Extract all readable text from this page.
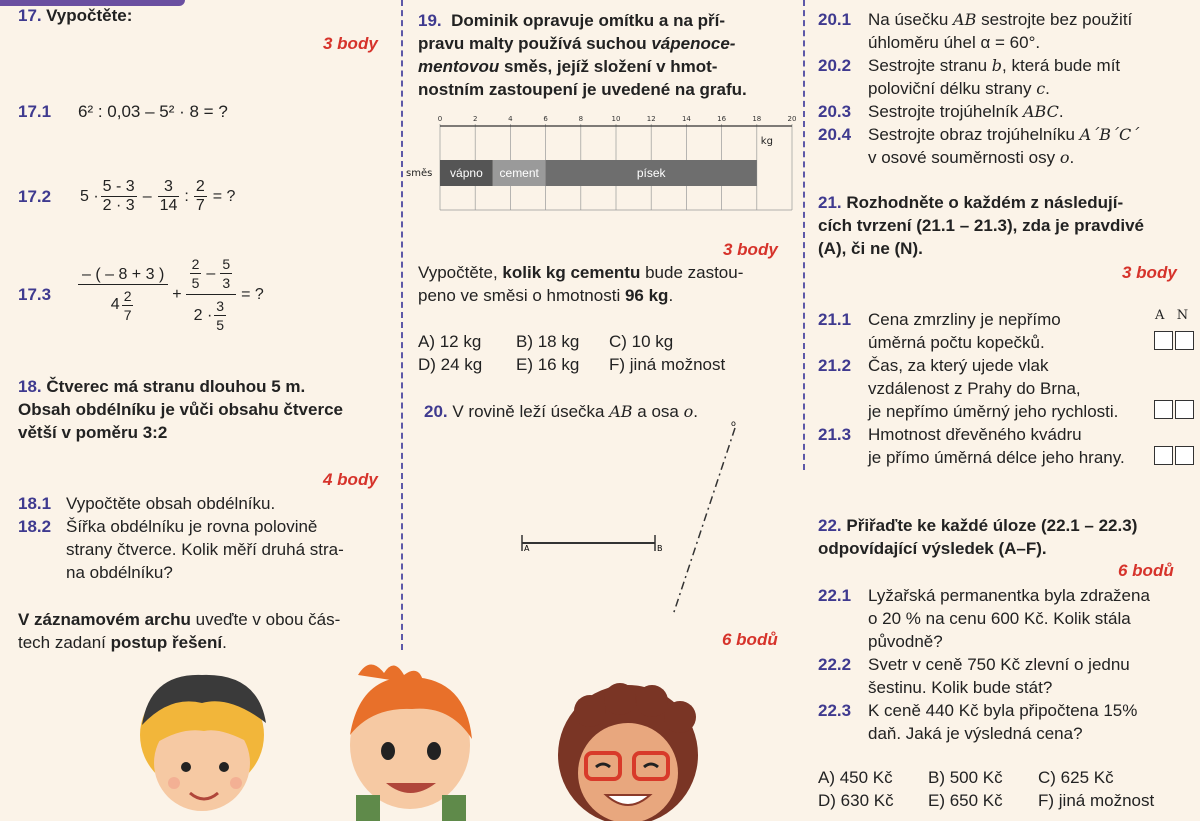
17. Vypočtěte:
3 body
17.1	6² : 0,03 – 5² · 8 = ?
17.2	$5 \cdot \frac{5 - 3}{2 \cdot 3} - \frac{3}{14}$ : $\frac{2}{7}$ = ?
17.3	$\frac{- ( - 8 + 3 )}{4 \frac{2}{7}} + \frac{\frac{2}{5} - \frac{5}{3}}{2 \cdot \frac{3}{5}}$ = ?
18. Čtverec má stranu dlouhou 5 m.
Obsah obdélníku je vůči obsahu čtverce
větší v poměru 3:2
4 body
18.1 Vypočtěte obsah obdélníku.
18.2 Šířka obdélníku je rovna polovině
strany čtverce. Kolik měří druhá stra-
na obdélníku?
V záznamovém archu uveďte v obou čás-
tech zadaní postup řešení.
19. Dominik opravuje omítku a na pří-
pravu malty používá suchou vápenoce-
mentovou směs, jejíž složení v hmot-
nostním zastoupení je uvedené na grafu.
0	2	4	6	8	10	12	14	16	18	20
kg
směs vápno cement	písek
3 body
Vypočtěte, kolik kg cementu bude zastou-
peno ve směsi o hmotnosti 96 kg.
A) 12 kg	B) 18 kg	C) 10 kg
D) 24 kg	E) 16 kg	F) jiná možnost
20. V rovině leží úsečka AB a osa o.
A	B
o
6 bodů
20.1 Na úsečku AB sestrojte bez použití
úhloměru úhel α = 60°.
20.2 Sestrojte stranu b, která bude mít
poloviční délku strany c.
20.3 Sestrojte trojúhelník ABC.
20.4 Sestrojte obraz trojúhelníku A´B´C´
v osové souměrnosti osy o.
21. Rozhodněte o každém z následují-
cích tvrzení (21.1 – 21.3), zda je pravdivé
(A), či ne (N).
3 body
A N
21.1 Cena zmrzliny je nepřímo
úměrná počtu kopečků.
21.2 Čas, za který ujede vlak
vzdálenost z Prahy do Brna,
je nepřímo úměrný jeho rychlosti.
21.3 Hmotnost dřevěného kvádru
je přímo úměrná délce jeho hrany.
22. Přiřaďte ke každé úloze (22.1 – 22.3)
odpovídající výsledek (A–F).
6 bodů
22.1 Lyžařská permanentka byla zdražena
o 20 % na cenu 600 Kč. Kolik stála
původně?
22.2 Svetr v ceně 750 Kč zlevní o jednu
šestinu. Kolik bude stát?
22.3 K ceně 440 Kč byla připočtena 15%
daň. Jaká je výsledná cena?
A) 450 Kč	B) 500 Kč	C) 625 Kč
D) 630 Kč	E) 650 Kč	F) jiná možnost
